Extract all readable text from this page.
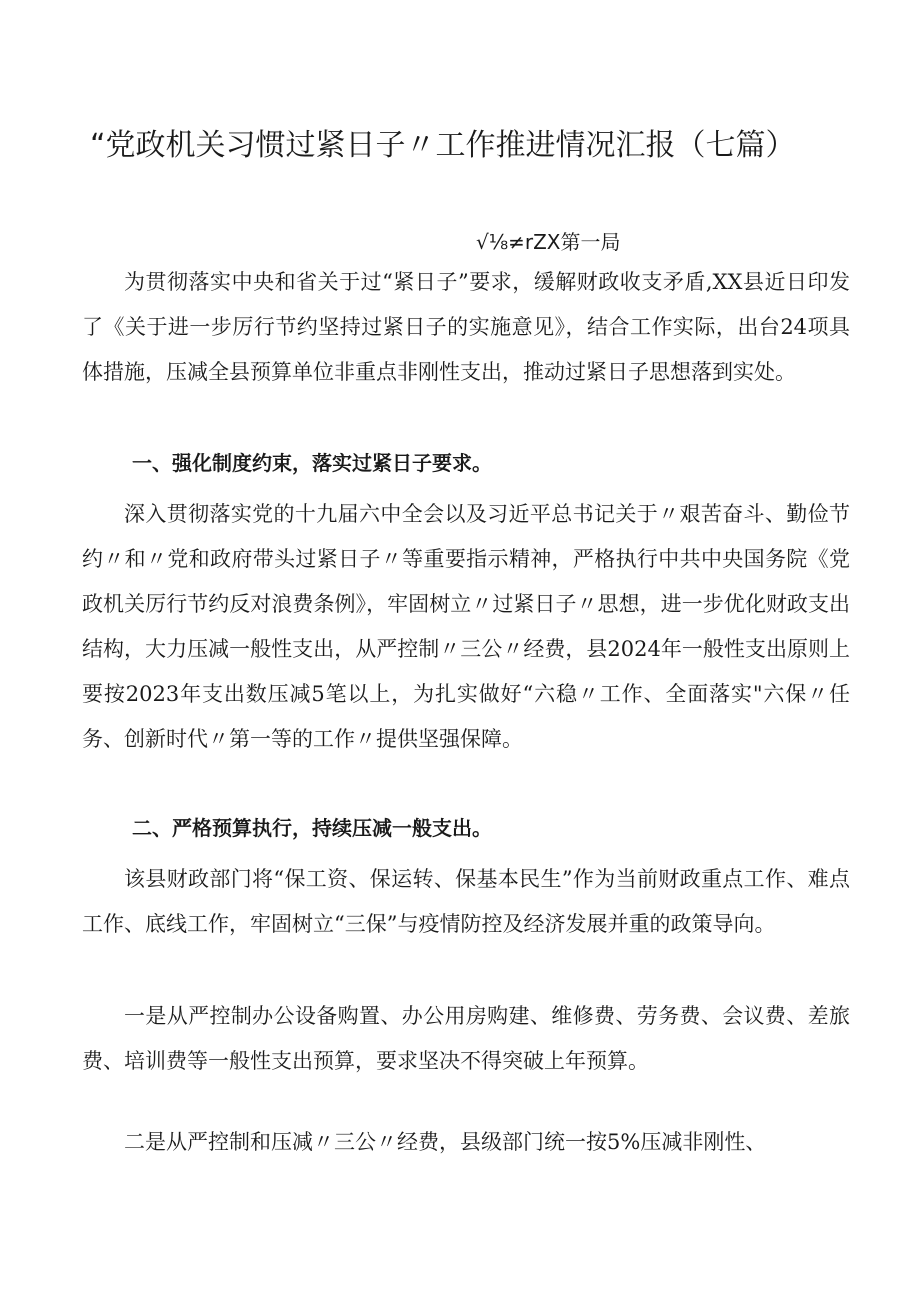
“党政机关习惯过紧日子〃工作推进情况汇报（七篇）
√⅛≠rZX第一局

为贯彻落实中央和省关于过“紧日子”要求，缓解财政收支矛盾,XX县近日印发了《关于进一步厉行节约坚持过紧日子的实施意见》，结合工作实际，出台24项具体措施，压减全县预算单位非重点非刚性支出，推动过紧日子思想落到实处。

一、强化制度约束，落实过紧日子要求。

深入贯彻落实党的十九届六中全会以及习近平总书记关于〃艰苦奋斗、勤俭节约〃和〃党和政府带头过紧日子〃等重要指示精神，严格执行中共中央国务院《党政机关厉行节约反对浪费条例》，牢固树立〃过紧日子〃思想，进一步优化财政支出结构，大力压减一般性支出，从严控制〃三公〃经费，县2024年一般性支出原则上要按2023年支出数压减5笔以上，为扎实做好“六稳〃工作、全面落实"六保〃任务、创新时代〃第一等的工作〃提供坚强保障。

二、严格预算执行，持续压减一般支出。

该县财政部门将“保工资、保运转、保基本民生”作为当前财政重点工作、难点工作、底线工作，牢固树立“三保”与疫情防控及经济发展并重的政策导向。

一是从严控制办公设备购置、办公用房购建、维修费、劳务费、会议费、差旅费、培训费等一般性支出预算，要求坚决不得突破上年预算。

二是从严控制和压减〃三公〃经费，县级部门统一按5%压减非刚性、
